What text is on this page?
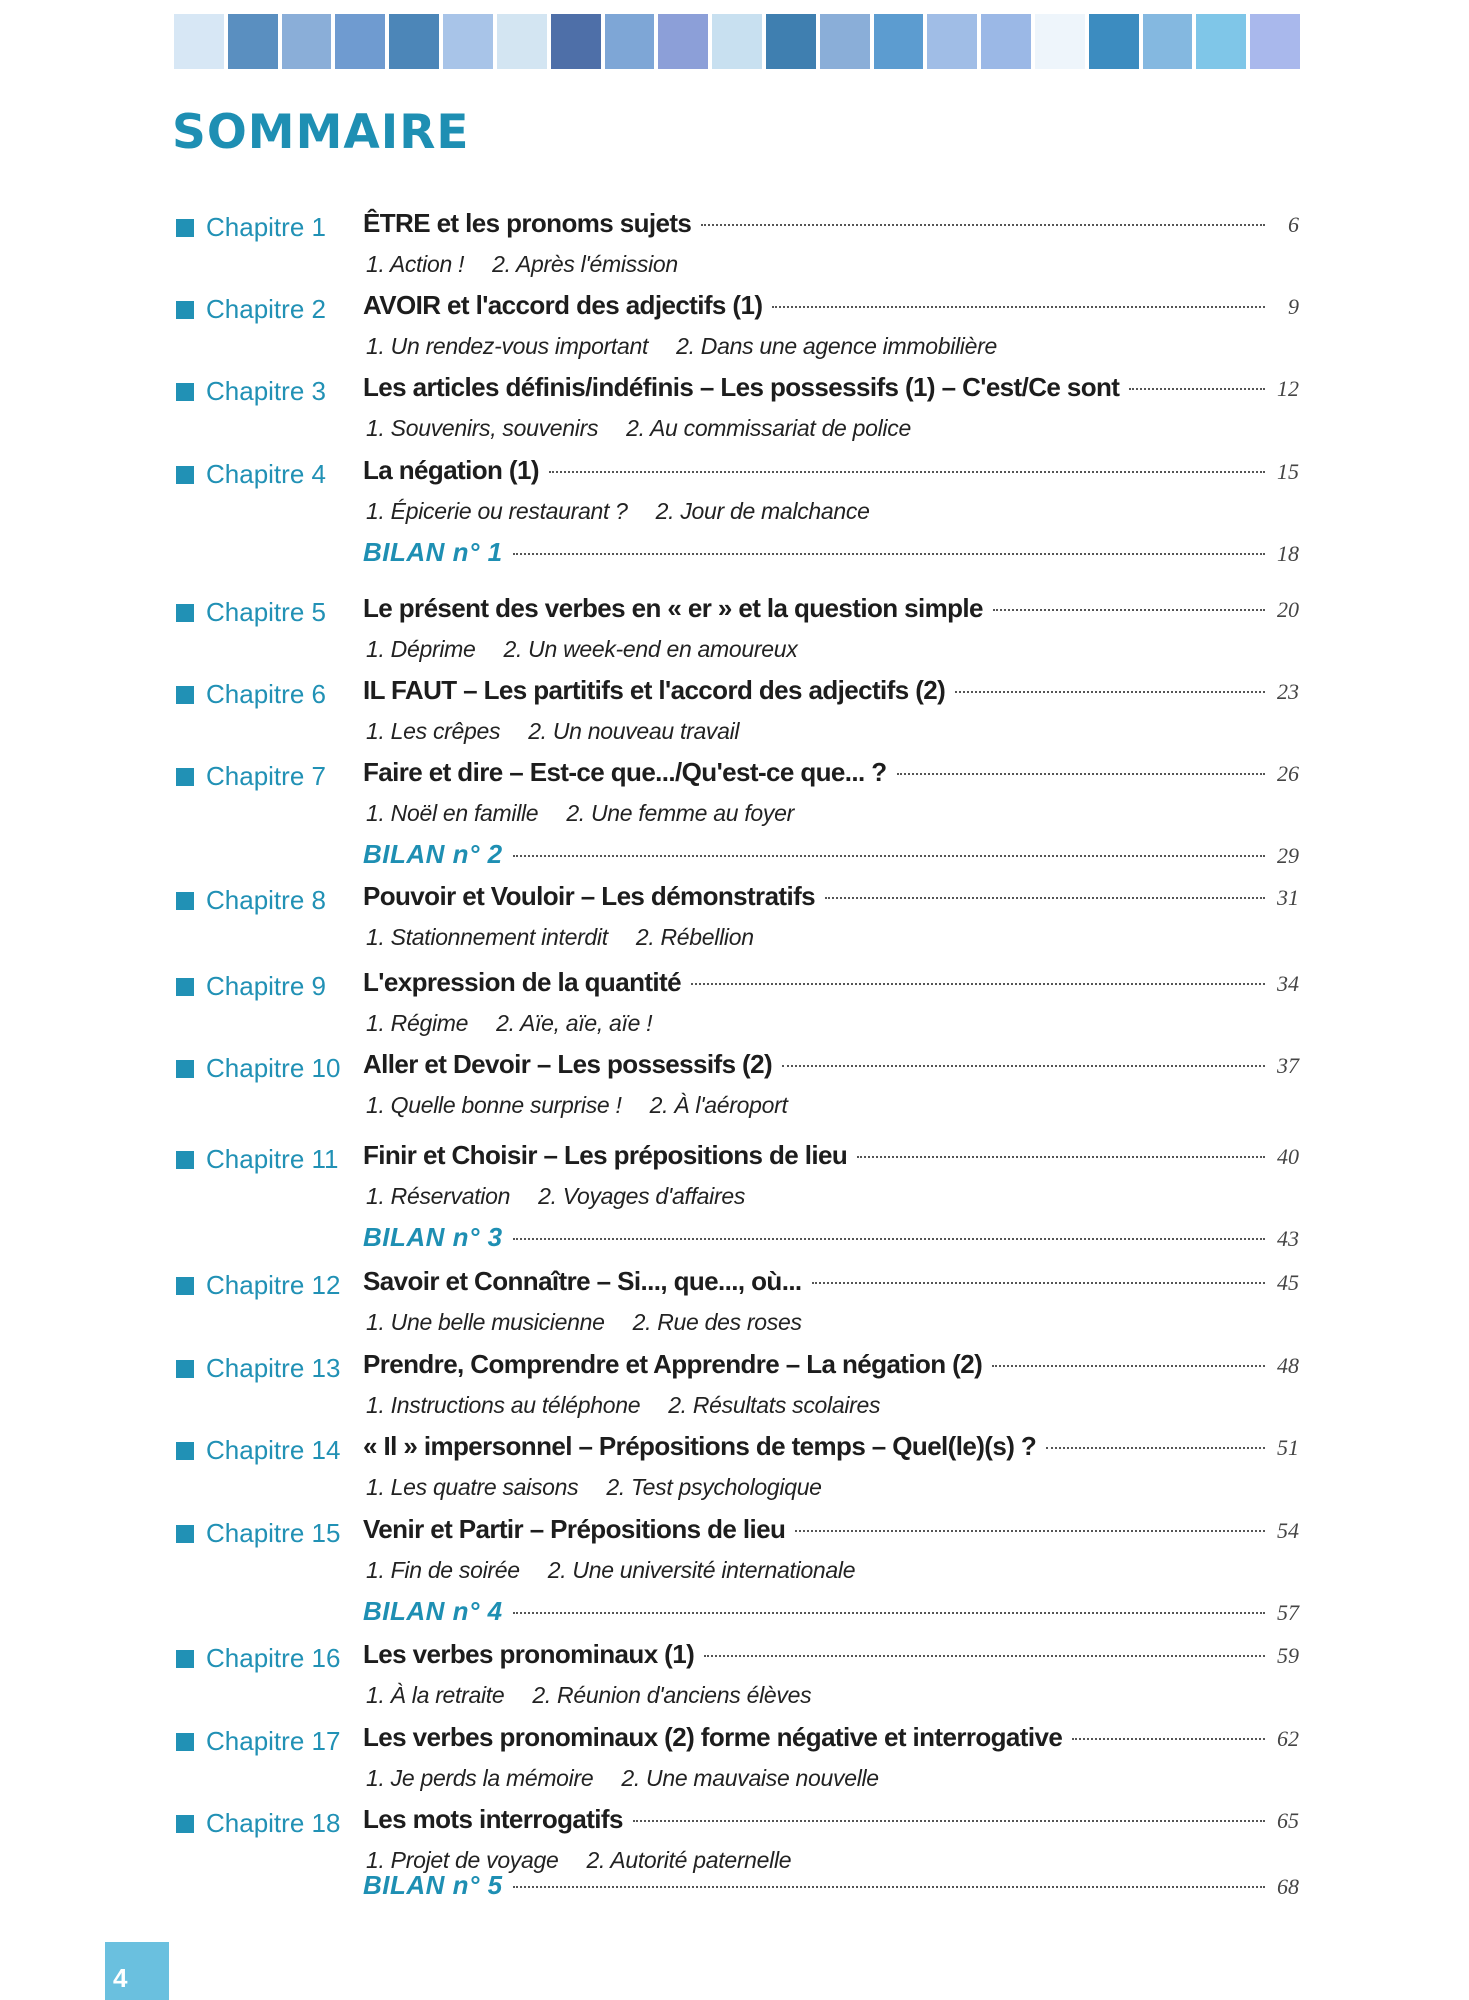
SOMMAIRE
Chapitre 1 ÊTRE et les pronoms sujets	6
1. Action ! 2. Après l'émission
Chapitre 2 AVOIR et l'accord des adjectifs (1)	9
1. Un rendez-vous important 2. Dans une agence immobilière
Chapitre 3 Les articles définis/indéfinis – Les possessifs (1) – C'est/Ce sont	12
1. Souvenirs, souvenirs 2. Au commissariat de police
Chapitre 4 La négation (1)	15
1. Épicerie ou restaurant ? 2. Jour de malchance
BILAN n° 1	18
Chapitre 5 Le présent des verbes en « er » et la question simple	20
1. Déprime 2. Un week-end en amoureux
Chapitre 6 IL FAUT – Les partitifs et l'accord des adjectifs (2)	23
1. Les crêpes 2. Un nouveau travail
Chapitre 7 Faire et dire – Est-ce que.../Qu'est-ce que... ?	26
1. Noël en famille 2. Une femme au foyer
BILAN n° 2	29
Chapitre 8 Pouvoir et Vouloir – Les démonstratifs	31
1. Stationnement interdit 2. Rébellion
Chapitre 9 L'expression de la quantité	34
1. Régime 2. Aïe, aïe, aïe !
Chapitre 10 Aller et Devoir – Les possessifs (2)	37
1. Quelle bonne surprise ! 2. À l'aéroport
Chapitre 11 Finir et Choisir – Les prépositions de lieu	40
1. Réservation 2. Voyages d'affaires
BILAN n° 3	43
Chapitre 12 Savoir et Connaître – Si..., que..., où...	45
1. Une belle musicienne 2. Rue des roses
Chapitre 13 Prendre, Comprendre et Apprendre – La négation (2)	48
1. Instructions au téléphone 2. Résultats scolaires
Chapitre 14 « Il » impersonnel – Prépositions de temps – Quel(le)(s) ?	51
1. Les quatre saisons 2. Test psychologique
Chapitre 15 Venir et Partir – Prépositions de lieu	54
1. Fin de soirée 2. Une université internationale
BILAN n° 4	57
Chapitre 16 Les verbes pronominaux (1)	59
1. À la retraite 2. Réunion d'anciens élèves
Chapitre 17 Les verbes pronominaux (2) forme négative et interrogative	62
1. Je perds la mémoire 2. Une mauvaise nouvelle
Chapitre 18 Les mots interrogatifs	65
1. Projet de voyage 2. Autorité paternelle
BILAN n° 5	68
4
